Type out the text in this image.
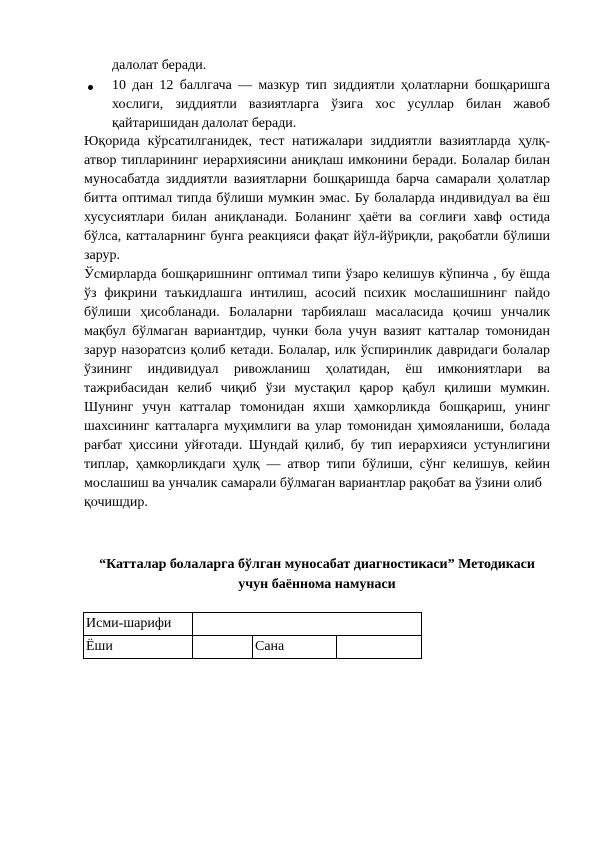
далолат беради.
10 дан 12 баллгача — мазкур тип зиддиятли ҳолатларни бошқаришга
хослиги, зиддиятли вазиятларга ўзига хос усуллар билан жавоб
қайтаришидан далолат беради.
Юқорида кўрсатилганидек, тест натижалари зиддиятли вазиятларда ҳулқ-
атвор типларининг иерархиясини аниқлаш имконини беради. Болалар билан
муносабатда зиддиятли вазиятларни бошқаришда барча самарали ҳолатлар
битта оптимал типда бўлиши мумкин эмас. Бу болаларда индивидуал ва ёш
хусусиятлари билан аниқланади. Боланинг ҳаёти ва соғлиғи хавф остида
бўлса, катталарнинг бунга реакцияси фақат йўл-йўриқли, рақобатли бўлиши
зарур.
Ўсмирларда бошқаришнинг оптимал типи ўзаро келишув кўпинча , бу ёшда
ўз фикрини таъкидлашга интилиш, асосий психик мослашишнинг пайдо
бўлиши ҳисобланади. Болаларни тарбиялаш масаласида қочиш унчалик
мақбул бўлмаган вариантдир, чунки бола учун вазият катталар томонидан
зарур назоратсиз қолиб кетади. Болалар, илк ўспиринлик давридаги болалар
ўзининг индивидуал ривожланиш ҳолатидан, ёш имкониятлари ва
тажрибасидан келиб чиқиб ўзи мустақил қарор қабул қилиши мумкин.
Шунинг учун катталар томонидан яхши ҳамкорликда бошқариш, унинг
шахсининг катталарга муҳимлиги ва улар томонидан ҳимояланиши, болада
рағбат ҳиссини уйғотади. Шундай қилиб, бу тип иерархияси устунлигини
типлар, ҳамкорликдаги ҳулқ — атвор типи бўлиши, сўнг келишув, кейин
мослашиш ва унчалик самарали бўлмаган вариантлар рақобат ва ўзини олиб
қочишдир.
“Катталар болаларга бўлган муносабат диагностикаси” Методикаси
учун баённома намунаси
Исми-шарифи			
Ёши		Сана	
